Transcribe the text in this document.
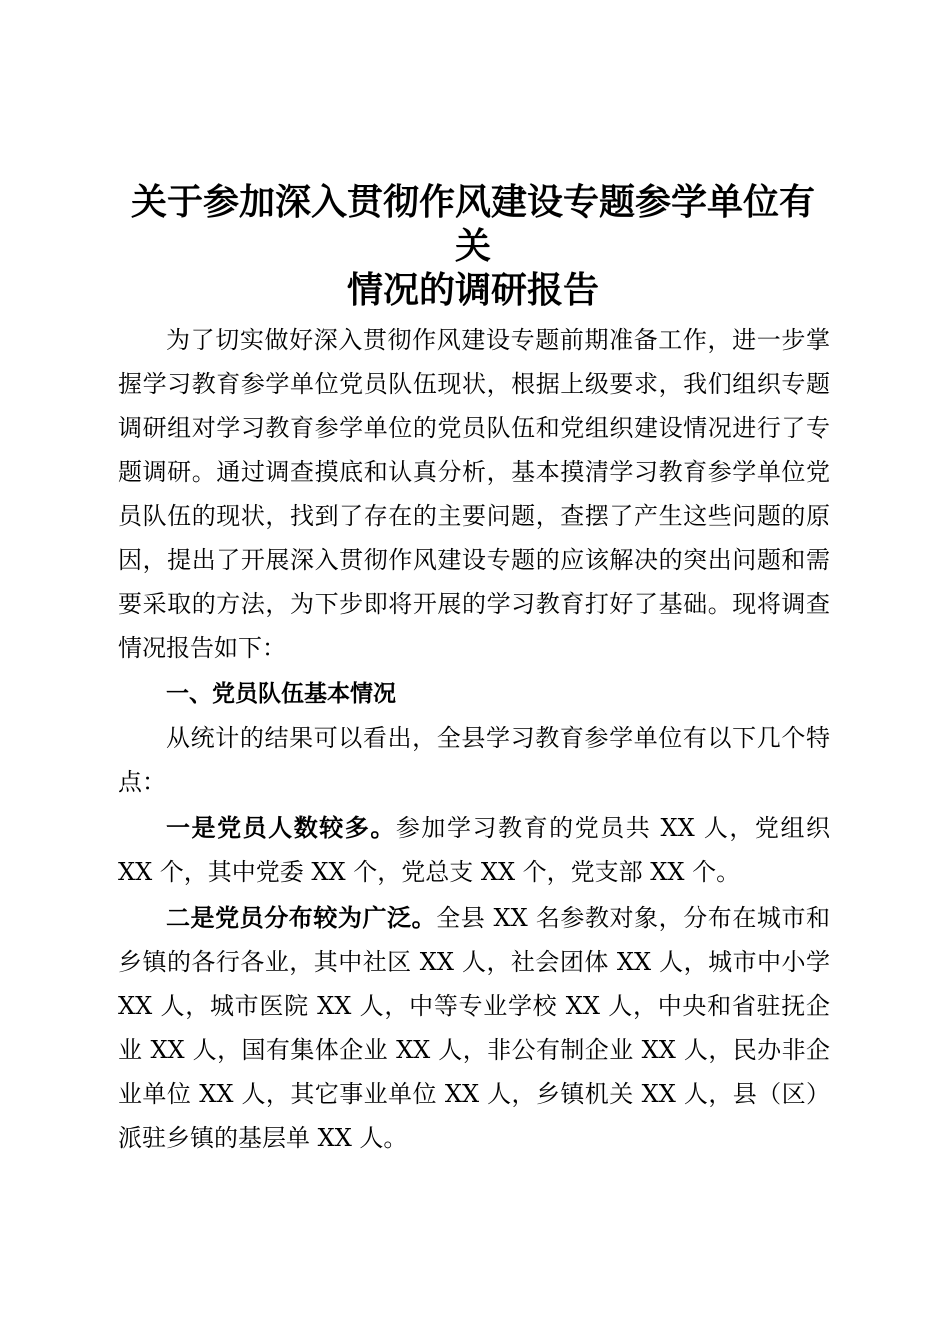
关于参加深入贯彻作风建设专题参学单位有关
情况的调研报告

为了切实做好深入贯彻作风建设专题前期准备工作，进一步掌握学习教育参学单位党员队伍现状，根据上级要求，我们组织专题调研组对学习教育参学单位的党员队伍和党组织建设情况进行了专题调研。通过调查摸底和认真分析，基本摸清学习教育参学单位党员队伍的现状，找到了存在的主要问题，查摆了产生这些问题的原因，提出了开展深入贯彻作风建设专题的应该解决的突出问题和需要采取的方法，为下步即将开展的学习教育打好了基础。现将调查情况报告如下：

一、党员队伍基本情况

从统计的结果可以看出，全县学习教育参学单位有以下几个特点：

一是党员人数较多。参加学习教育的党员共 XX 人，党组织 XX 个，其中党委 XX 个，党总支 XX 个，党支部 XX 个。

二是党员分布较为广泛。全县 XX 名参教对象，分布在城市和乡镇的各行各业，其中社区 XX 人，社会团体 XX 人，城市中小学 XX 人，城市医院 XX 人，中等专业学校 XX 人，中央和省驻抚企业 XX 人，国有集体企业 XX 人，非公有制企业 XX 人，民办非企业单位 XX 人，其它事业单位 XX 人，乡镇机关 XX 人，县（区）派驻乡镇的基层单 XX 人。
